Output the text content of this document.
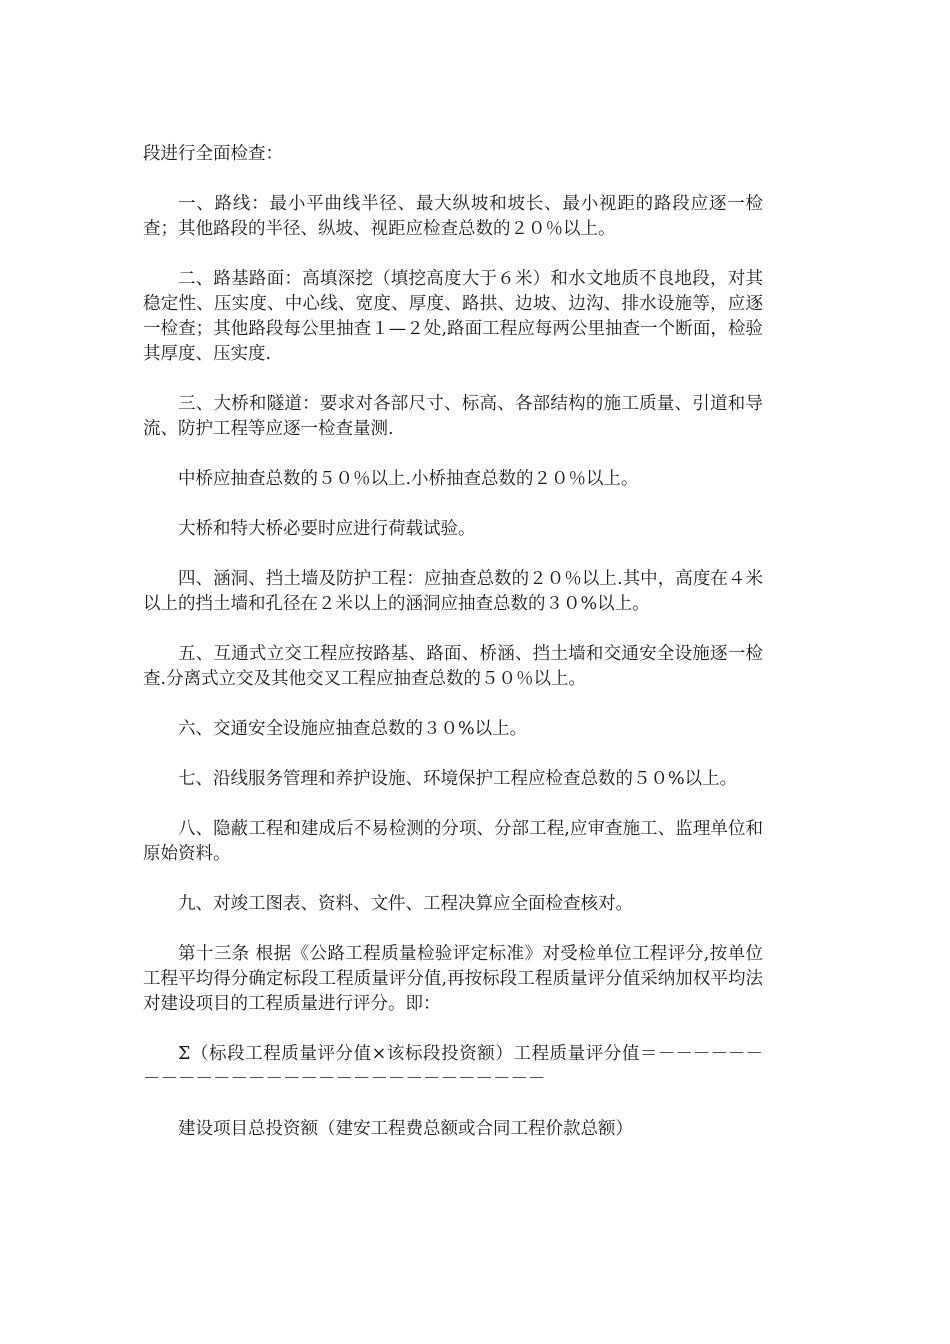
段进行全面检查：

一、路线：最小平曲线半径、最大纵坡和坡长、最小视距的路段应逐一检查；其他路段的半径、纵坡、视距应检查总数的２０％以上。

二、路基路面：高填深挖（填挖高度大于６米）和水文地质不良地段，对其稳定性、压实度、中心线、宽度、厚度、路拱、边坡、边沟、排水设施等，应逐一检查；其他路段每公里抽查１—２处,路面工程应每两公里抽查一个断面，检验其厚度、压实度.

三、大桥和隧道：要求对各部尺寸、标高、各部结构的施工质量、引道和导流、防护工程等应逐一检查量测.

中桥应抽查总数的５０％以上.小桥抽查总数的２０％以上。

大桥和特大桥必要时应进行荷载试验。

四、涵洞、挡土墙及防护工程：应抽查总数的２０％以上.其中，高度在４米以上的挡土墙和孔径在２米以上的涵洞应抽查总数的３０%以上。

五、互通式立交工程应按路基、路面、桥涵、挡土墙和交通安全设施逐一检查.分离式立交及其他交叉工程应抽查总数的５０％以上。

六、交通安全设施应抽查总数的３０%以上。

七、沿线服务管理和养护设施、环境保护工程应检查总数的５０%以上。

八、隐蔽工程和建成后不易检测的分项、分部工程,应审查施工、监理单位和原始资料。

九、对竣工图表、资料、文件、工程决算应全面检查核对。

第十三条 根据《公路工程质量检验评定标准》对受检单位工程评分,按单位工程平均得分确定标段工程质量评分值,再按标段工程质量评分值采纳加权平均法对建设项目的工程质量进行评分。即：

Σ（标段工程质量评分值×该标段投资额）工程质量评分值＝－－－－－－－－－－－－－－－－－－－－－－－－－－－－－

建设项目总投资额（建安工程费总额或合同工程价款总额）
